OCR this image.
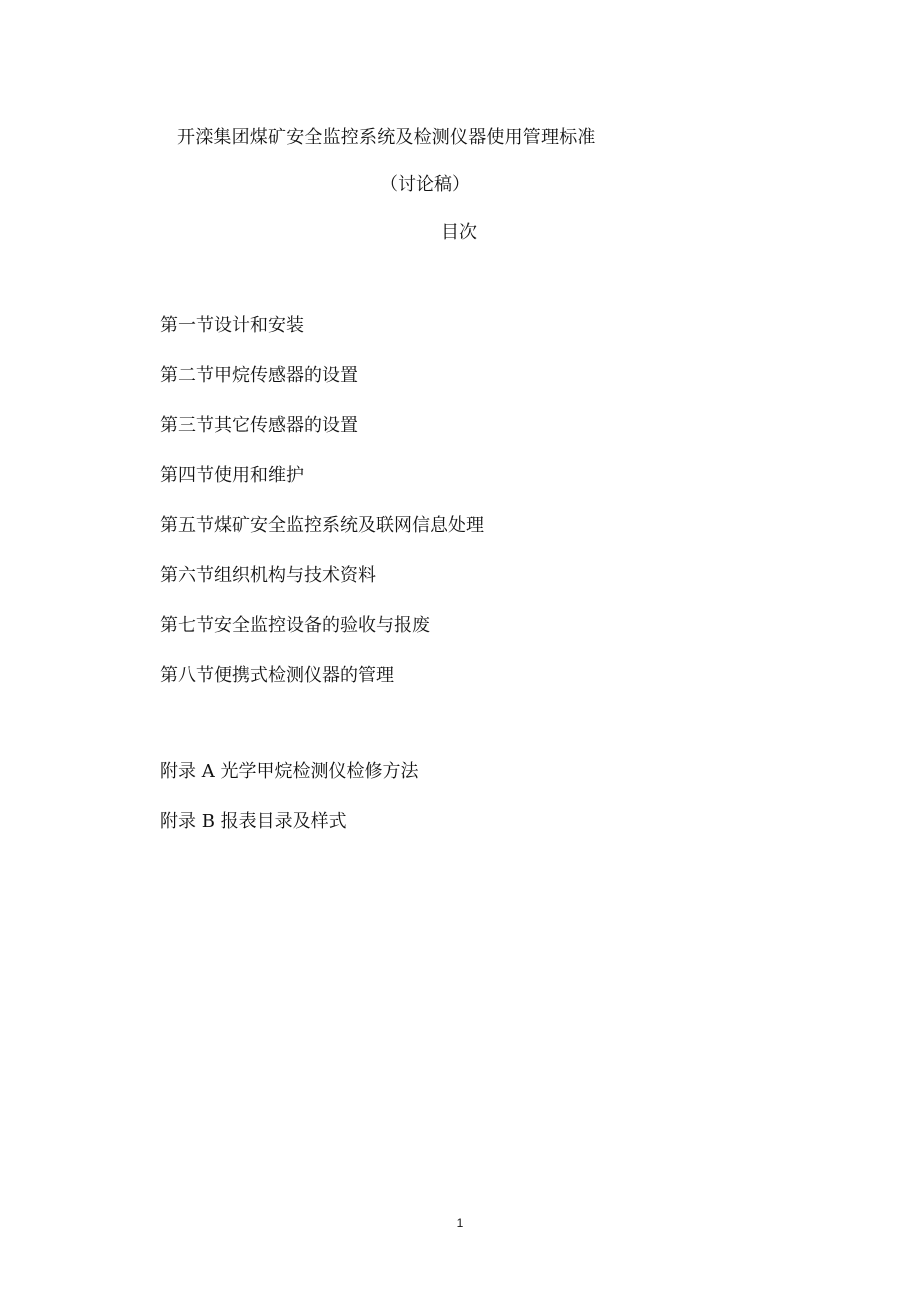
开滦集团煤矿安全监控系统及检测仪器使用管理标准
（讨论稿）
目次
第一节设计和安装
第二节甲烷传感器的设置
第三节其它传感器的设置
第四节使用和维护
第五节煤矿安全监控系统及联网信息处理
第六节组织机构与技术资料
第七节安全监控设备的验收与报废
第八节便携式检测仪器的管理
附录 A 光学甲烷检测仪检修方法
附录 B 报表目录及样式
1
